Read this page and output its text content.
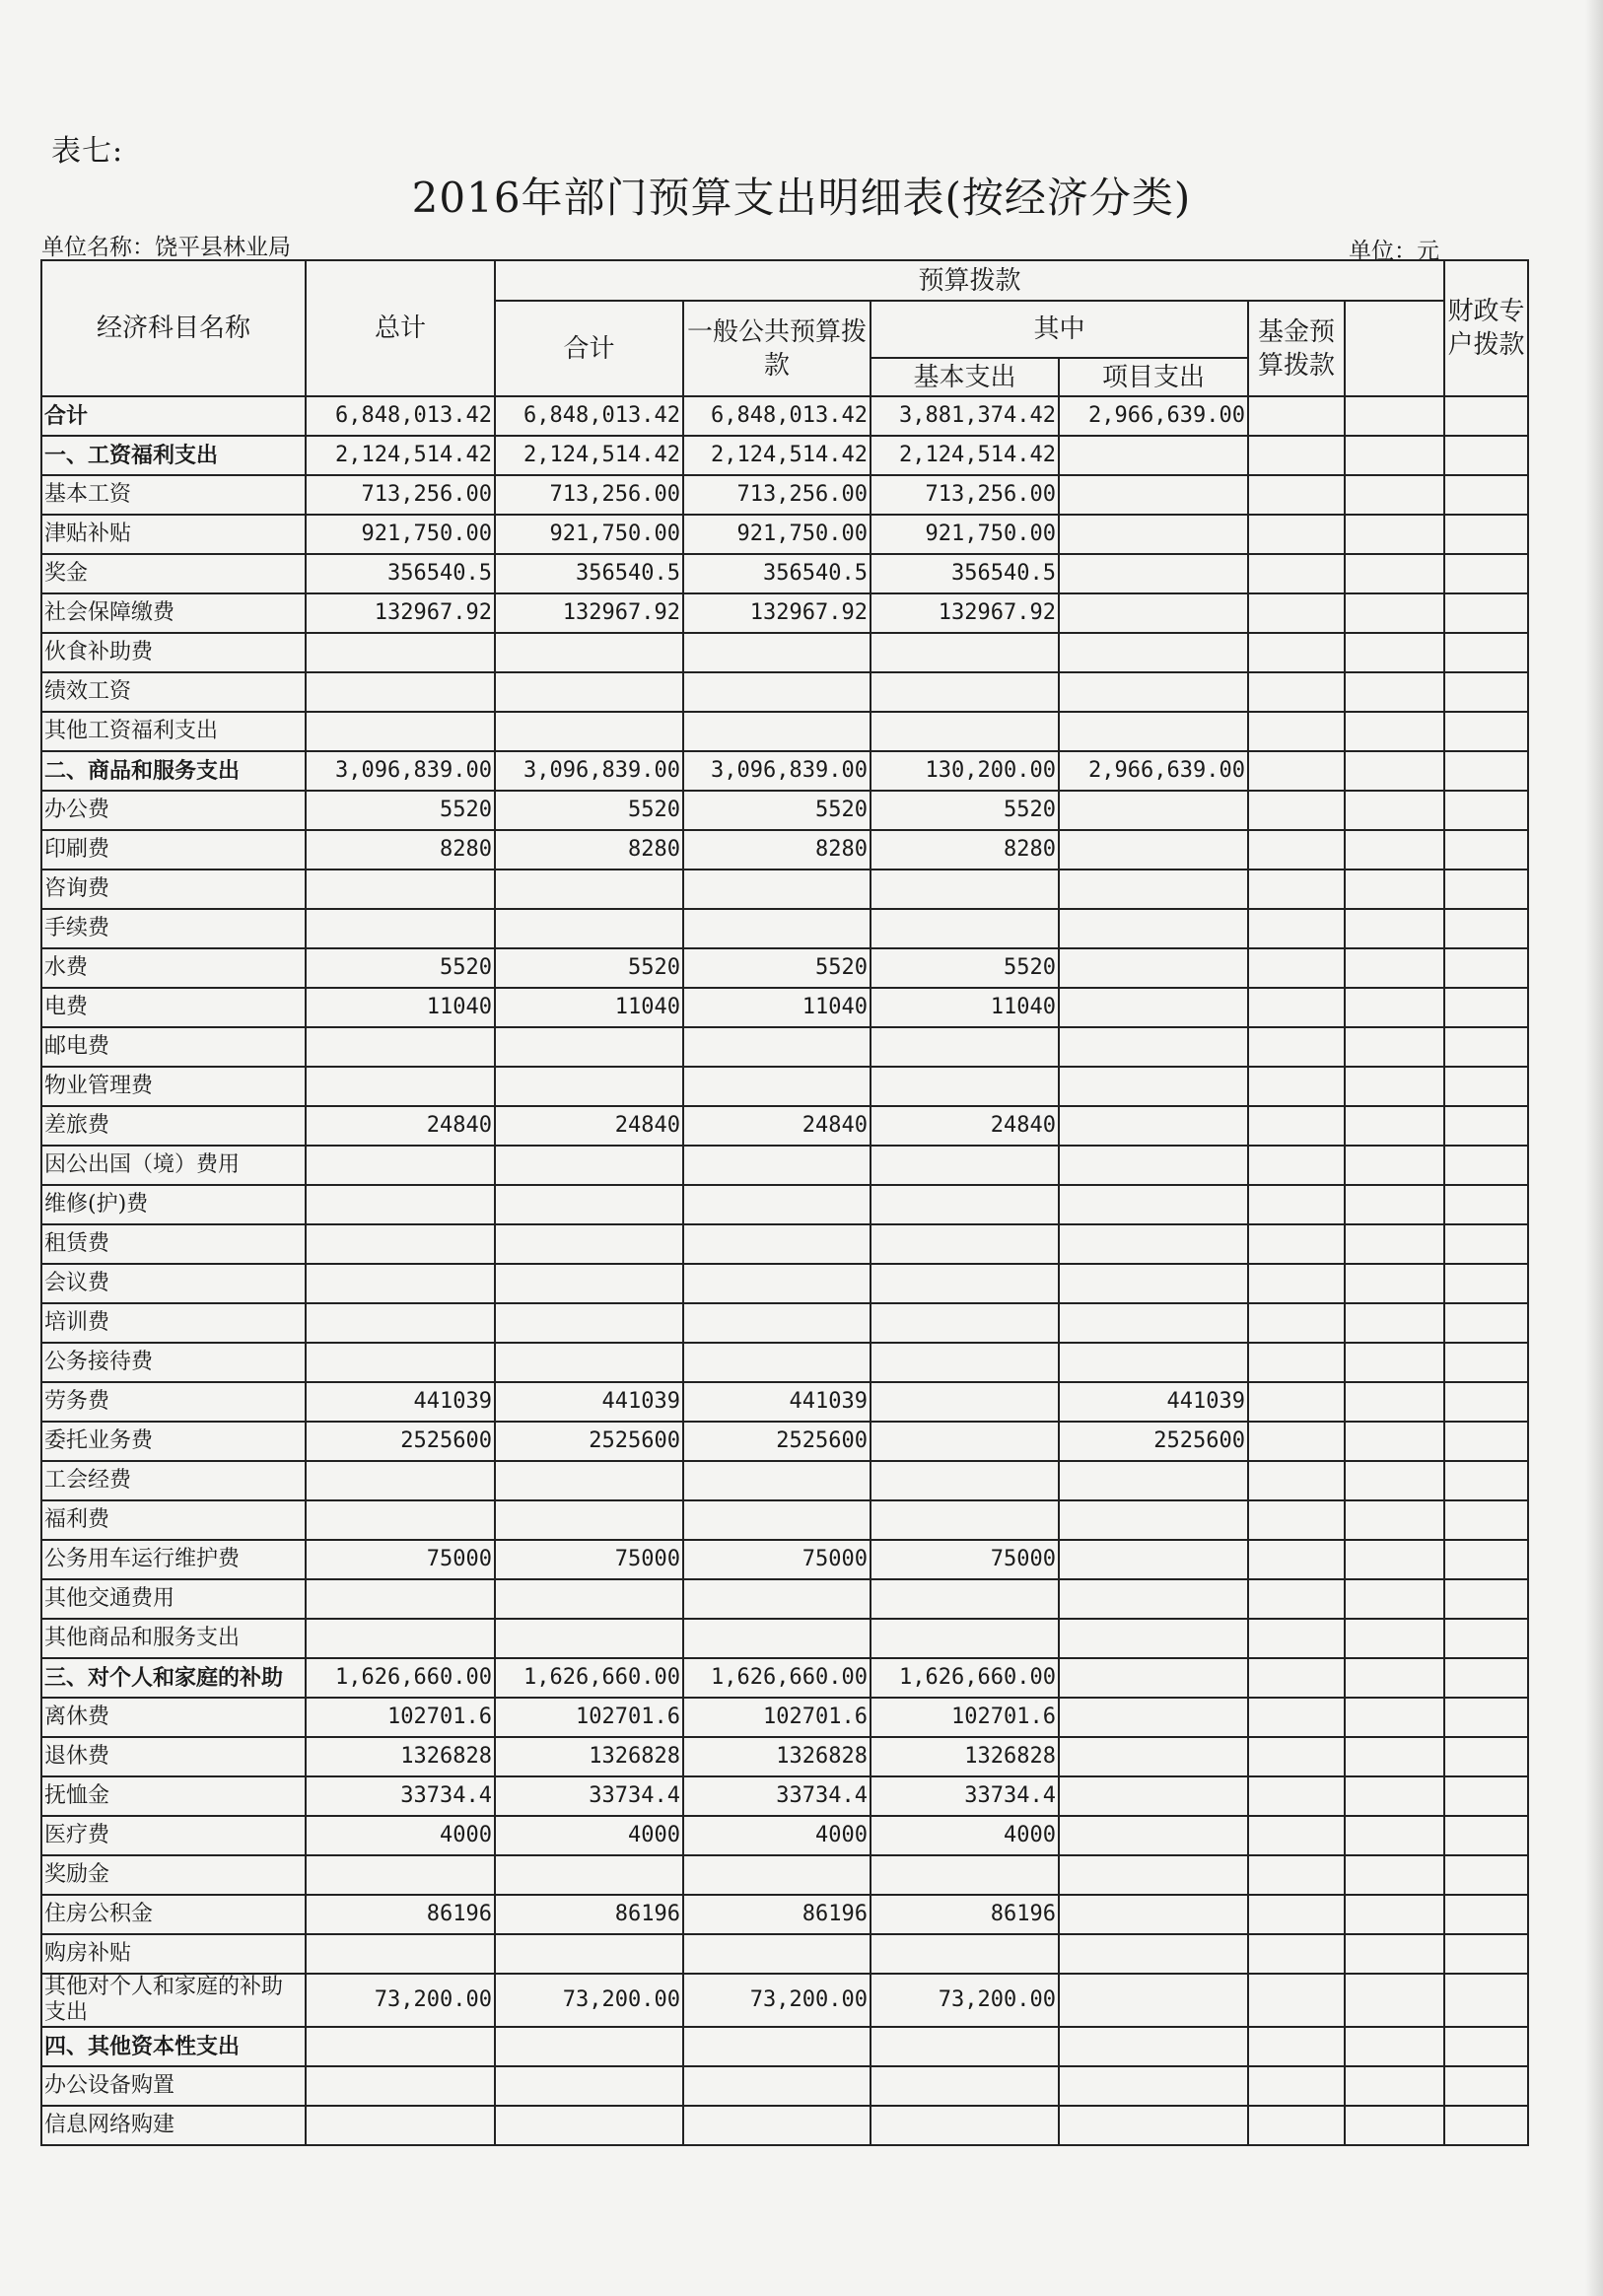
表七:
2016年部门预算支出明细表(按经济分类)
单位名称：饶平县林业局	单位：元
经济科目名称	总计	预算拨款						财政专户拨款	
		合计	一般公共预算拨款	其中		基金预算拨款			
				基本支出	项目支出				
合计	6,848,013.42	6,848,013.42	6,848,013.42	3,881,374.42	2,966,639.00				
一、工资福利支出	2,124,514.42	2,124,514.42	2,124,514.42	2,124,514.42					
基本工资	713,256.00	713,256.00	713,256.00	713,256.00					
津贴补贴	921,750.00	921,750.00	921,750.00	921,750.00					
奖金	356540.5	356540.5	356540.5	356540.5					
社会保障缴费	132967.92	132967.92	132967.92	132967.92					
伙食补助费									
绩效工资									
其他工资福利支出									
二、商品和服务支出	3,096,839.00	3,096,839.00	3,096,839.00	130,200.00	2,966,639.00				
办公费	5520	5520	5520	5520					
印刷费	8280	8280	8280	8280					
咨询费									
手续费									
水费	5520	5520	5520	5520					
电费	11040	11040	11040	11040					
邮电费									
物业管理费									
差旅费	24840	24840	24840	24840					
因公出国（境）费用									
维修(护)费									
租赁费									
会议费									
培训费									
公务接待费									
劳务费	441039	441039	441039		441039				
委托业务费	2525600	2525600	2525600		2525600				
工会经费									
福利费									
公务用车运行维护费	75000	75000	75000	75000					
其他交通费用									
其他商品和服务支出									
三、对个人和家庭的补助	1,626,660.00	1,626,660.00	1,626,660.00	1,626,660.00					
离休费	102701.6	102701.6	102701.6	102701.6					
退休费	1326828	1326828	1326828	1326828					
抚恤金	33734.4	33734.4	33734.4	33734.4					
医疗费	4000	4000	4000	4000					
奖励金									
住房公积金	86196	86196	86196	86196					
购房补贴									
其他对个人和家庭的补助支出	73,200.00	73,200.00	73,200.00	73,200.00					
四、其他资本性支出									
办公设备购置									
信息网络购建									
